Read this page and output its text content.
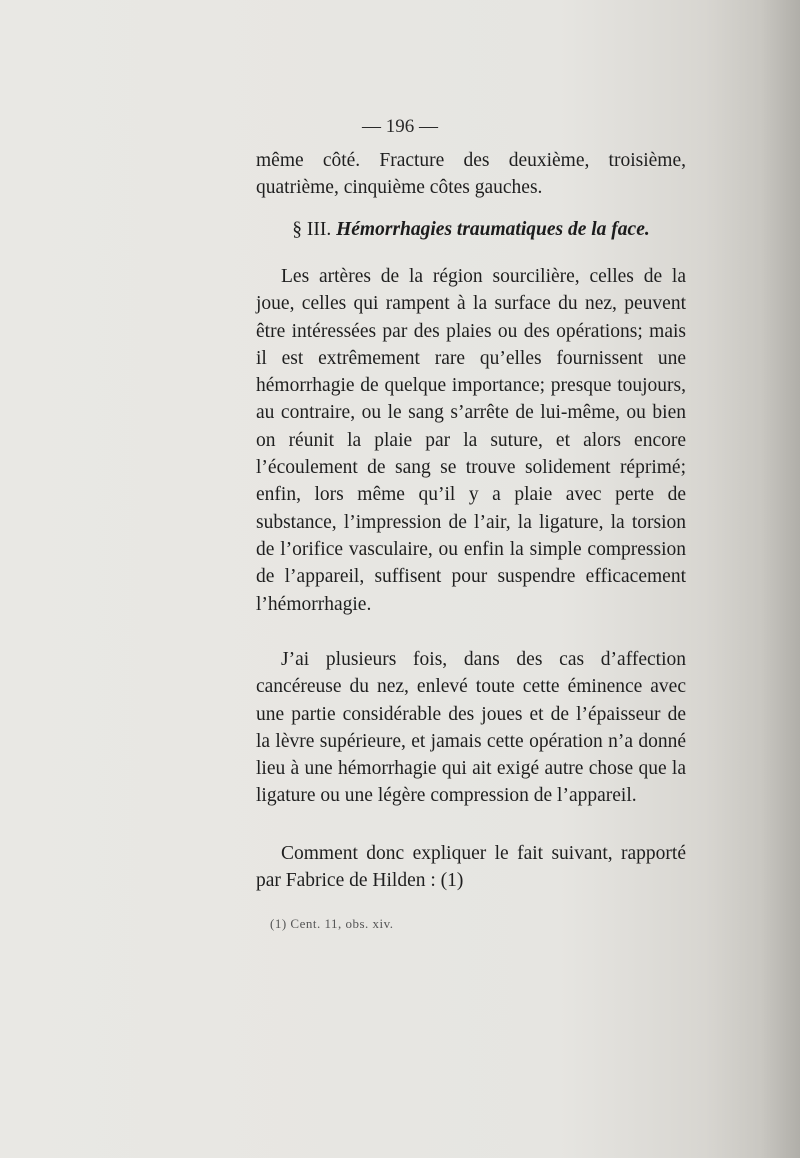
— 196 —

même côté. Fracture des deuxième, troisième, quatrième, cinquième côtes gauches.

§ III. Hémorrhagies traumatiques de la face.

Les artères de la région sourcilière, celles de la joue, celles qui rampent à la surface du nez, peuvent être intéressées par des plaies ou des opérations; mais il est extrêmement rare qu’elles fournissent une hémorrhagie de quelque importance; presque toujours, au contraire, ou le sang s’arrête de lui-même, ou bien on réunit la plaie par la suture, et alors encore l’écoulement de sang se trouve solidement réprimé; enfin, lors même qu’il y a plaie avec perte de substance, l’impression de l’air, la ligature, la torsion de l’orifice vasculaire, ou enfin la simple compression de l’appareil, suffisent pour suspendre efficacement l’hémorrhagie.

J’ai plusieurs fois, dans des cas d’affection cancéreuse du nez, enlevé toute cette éminence avec une partie considérable des joues et de l’épaisseur de la lèvre supérieure, et jamais cette opération n’a donné lieu à une hémorrhagie qui ait exigé autre chose que la ligature ou une légère compression de l’appareil.

Comment donc expliquer le fait suivant, rapporté par Fabrice de Hilden : (1)

(1) Cent. 11, obs. xiv.
